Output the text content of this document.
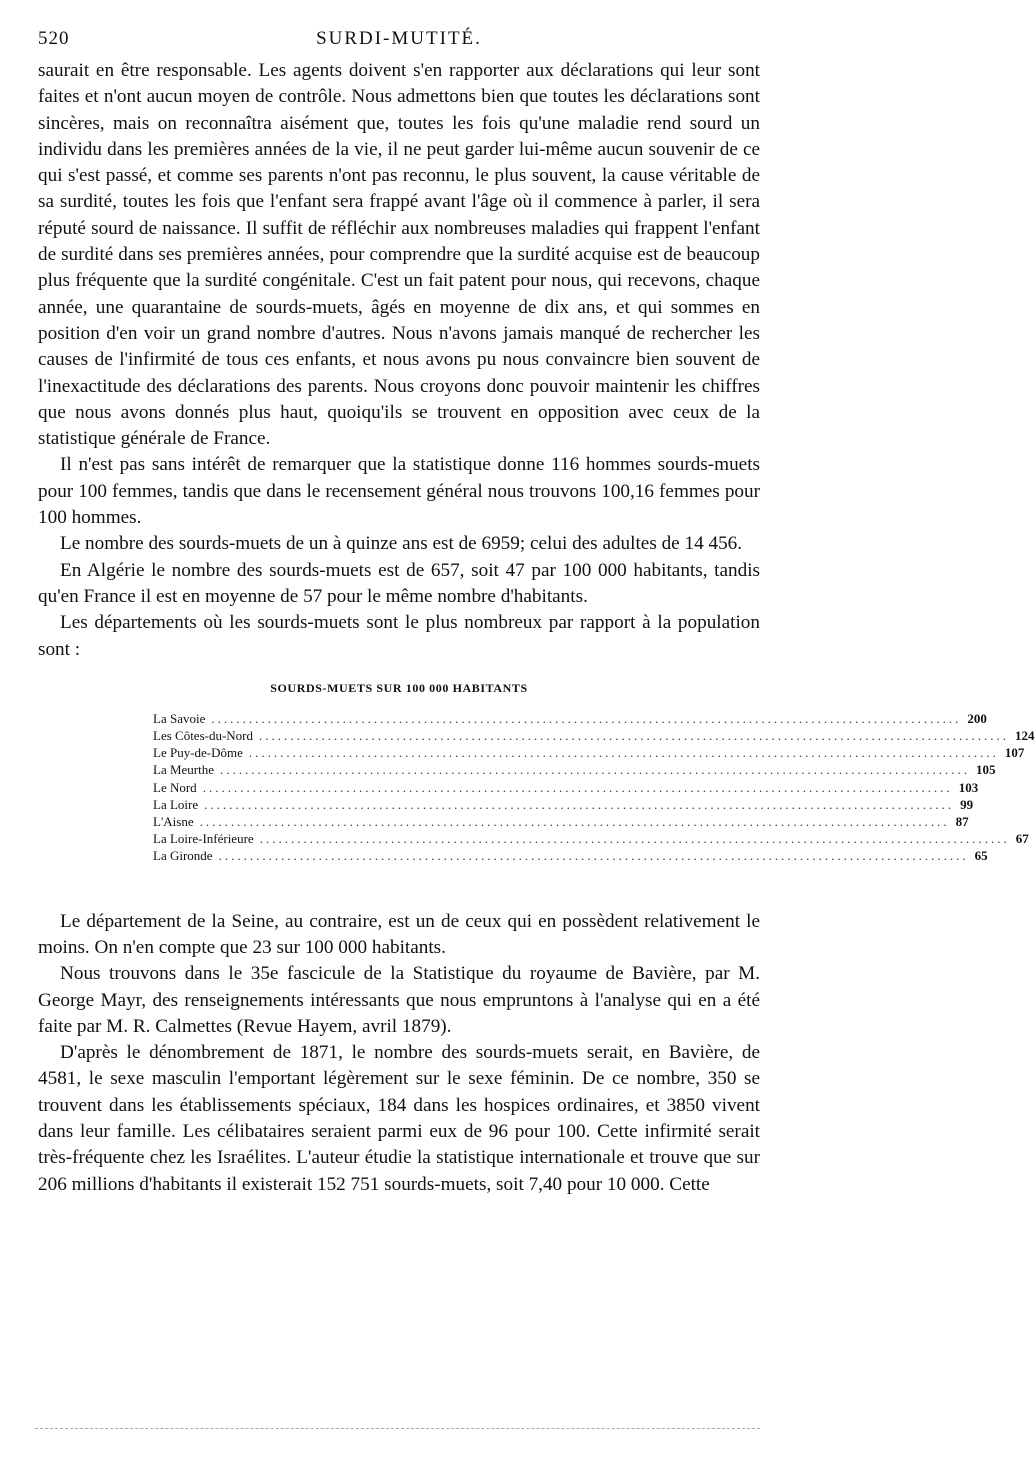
520	SURDI-MUTITÉ.

saurait en être responsable. Les agents doivent s'en rapporter aux déclarations qui leur sont faites et n'ont aucun moyen de contrôle. Nous admettons bien que toutes les déclarations sont sincères, mais on reconnaîtra aisément que, toutes les fois qu'une maladie rend sourd un individu dans les premières années de la vie, il ne peut garder lui-même aucun souvenir de ce qui s'est passé, et comme ses parents n'ont pas reconnu, le plus souvent, la cause véritable de sa surdité, toutes les fois que l'enfant sera frappé avant l'âge où il commence à parler, il sera réputé sourd de naissance. Il suffit de réfléchir aux nombreuses maladies qui frappent l'enfant de surdité dans ses premières années, pour comprendre que la surdité acquise est de beaucoup plus fréquente que la surdité congénitale. C'est un fait patent pour nous, qui recevons, chaque année, une quarantaine de sourds-muets, âgés en moyenne de dix ans, et qui sommes en position d'en voir un grand nombre d'autres. Nous n'avons jamais manqué de rechercher les causes de l'infirmité de tous ces enfants, et nous avons pu nous convaincre bien souvent de l'inexactitude des déclarations des parents. Nous croyons donc pouvoir maintenir les chiffres que nous avons donnés plus haut, quoiqu'ils se trouvent en opposition avec ceux de la statistique générale de France.

Il n'est pas sans intérêt de remarquer que la statistique donne 116 hommes sourds-muets pour 100 femmes, tandis que dans le recensement général nous trouvons 100,16 femmes pour 100 hommes.

Le nombre des sourds-muets de un à quinze ans est de 6959; celui des adultes de 14 456.

En Algérie le nombre des sourds-muets est de 657, soit 47 par 100 000 habitants, tandis qu'en France il est en moyenne de 57 pour le même nombre d'habitants.

Les départements où les sourds-muets sont le plus nombreux par rapport à la population sont :

SOURDS-MUETS SUR 100 000 HABITANTS
La Savoie ........................................................................................................................ 200
Les Côtes-du-Nord ........................................................................................................................ 124
Le Puy-de-Dôme ........................................................................................................................ 107
La Meurthe ........................................................................................................................ 105
Le Nord ........................................................................................................................ 103
La Loire ........................................................................................................................ 99
L'Aisne ........................................................................................................................ 87
La Loire-Inférieure ........................................................................................................................ 67
La Gironde ........................................................................................................................ 65

Le département de la Seine, au contraire, est un de ceux qui en possèdent relativement le moins. On n'en compte que 23 sur 100 000 habitants.

Nous trouvons dans le 35e fascicule de la Statistique du royaume de Bavière, par M. George Mayr, des renseignements intéressants que nous empruntons à l'analyse qui en a été faite par M. R. Calmettes (Revue Hayem, avril 1879).

D'après le dénombrement de 1871, le nombre des sourds-muets serait, en Bavière, de 4581, le sexe masculin l'emportant légèrement sur le sexe féminin. De ce nombre, 350 se trouvent dans les établissements spéciaux, 184 dans les hospices ordinaires, et 3850 vivent dans leur famille. Les célibataires seraient parmi eux de 96 pour 100. Cette infirmité serait très-fréquente chez les Israélites. L'auteur étudie la statistique internationale et trouve que sur 206 millions d'habitants il existerait 152 751 sourds-muets, soit 7,40 pour 10 000. Cette
